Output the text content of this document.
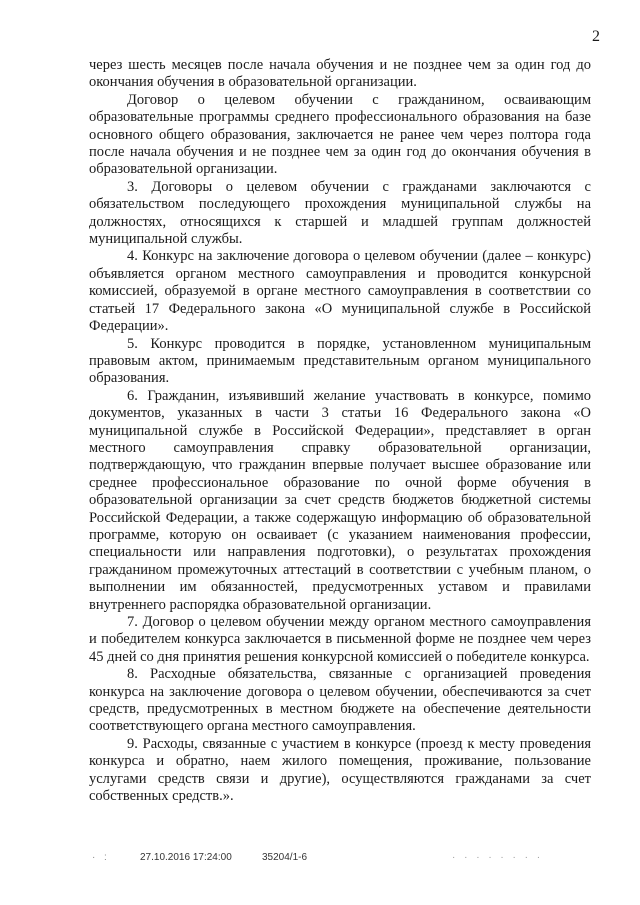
2

через шесть месяцев после начала обучения и не позднее чем за один год до окончания обучения в образовательной организации.

Договор о целевом обучении с гражданином, осваивающим образовательные программы среднего профессионального образования на базе основного общего образования, заключается не ранее чем через полтора года после начала обучения и не позднее чем за один год до окончания обучения в образовательной организации.

3. Договоры о целевом обучении с гражданами заключаются с обязательством последующего прохождения муниципальной службы на должностях, относящихся к старшей и младшей группам должностей муниципальной службы.

4. Конкурс на заключение договора о целевом обучении (далее – конкурс) объявляется органом местного самоуправления и проводится конкурсной комиссией, образуемой в органе местного самоуправления в соответствии со статьей 17 Федерального закона «О муниципальной службе в Российской Федерации».

5. Конкурс проводится в порядке, установленном муниципальным правовым актом, принимаемым представительным органом муниципального образования.

6. Гражданин, изъявивший желание участвовать в конкурсе, помимо документов, указанных в части 3 статьи 16 Федерального закона «О муниципальной службе в Российской Федерации», представляет в орган местного самоуправления справку образовательной организации, подтверждающую, что гражданин впервые получает высшее образование или среднее профессиональное образование по очной форме обучения в образовательной организации за счет средств бюджетов бюджетной системы Российской Федерации, а также содержащую информацию об образовательной программе, которую он осваивает (с указанием наименования профессии, специальности или направления подготовки), о результатах прохождения гражданином промежуточных аттестаций в соответствии с учебным планом, о выполнении им обязанностей, предусмотренных уставом и правилами внутреннего распорядка образовательной организации.

7. Договор о целевом обучении между органом местного самоуправления и победителем конкурса заключается в письменной форме не позднее чем через 45 дней со дня принятия решения конкурсной комиссией о победителе конкурса.

8. Расходные обязательства, связанные с организацией проведения конкурса на заключение договора о целевом обучении, обеспечиваются за счет средств, предусмотренных в местном бюджете на обеспечение деятельности соответствующего органа местного самоуправления.

9. Расходы, связанные с участием в конкурсе (проезд к месту проведения конкурса и обратно, наем жилого помещения, проживание, пользование услугами средств связи и другие), осуществляются гражданами за счет собственных средств.».

· :	27.10.2016 17:24:00	35204/1-6	· · · · · · · ·
